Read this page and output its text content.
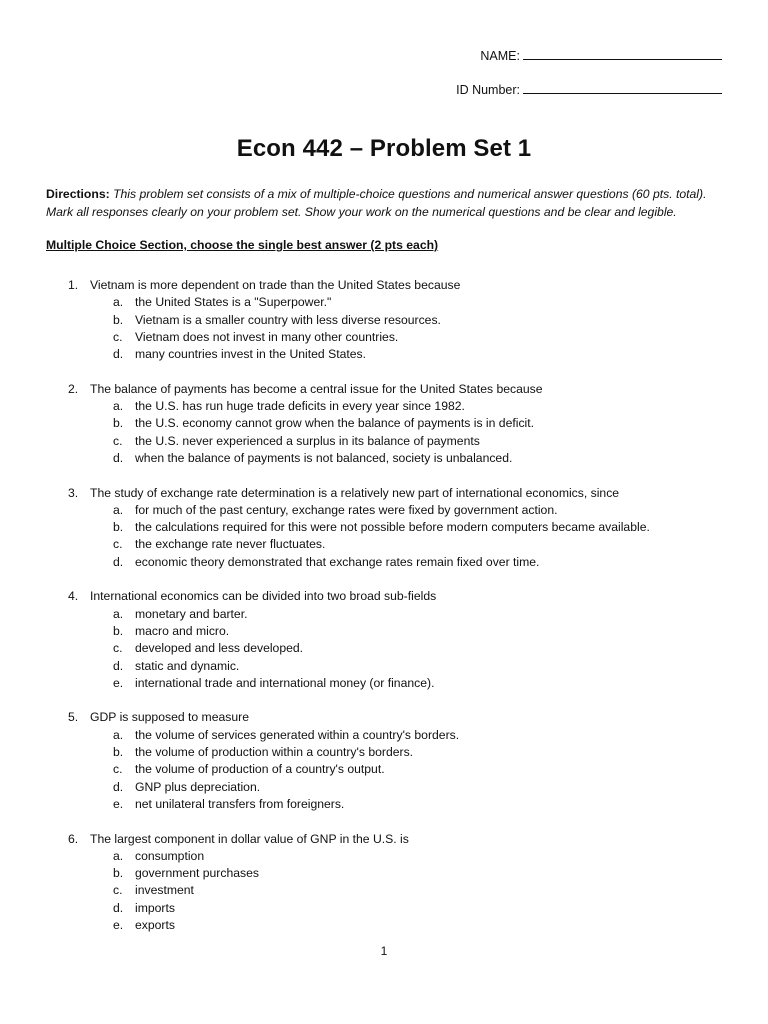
NAME:
ID Number:
Econ 442 – Problem Set 1
Directions: This problem set consists of a mix of multiple-choice questions and numerical answer questions (60 pts. total). Mark all responses clearly on your problem set. Show your work on the numerical questions and be clear and legible.
Multiple Choice Section, choose the single best answer (2 pts each)
1. Vietnam is more dependent on trade than the United States because
a. the United States is a "Superpower."
b. Vietnam is a smaller country with less diverse resources.
c. Vietnam does not invest in many other countries.
d. many countries invest in the United States.
2. The balance of payments has become a central issue for the United States because
a. the U.S. has run huge trade deficits in every year since 1982.
b. the U.S. economy cannot grow when the balance of payments is in deficit.
c. the U.S. never experienced a surplus in its balance of payments
d. when the balance of payments is not balanced, society is unbalanced.
3. The study of exchange rate determination is a relatively new part of international economics, since
a. for much of the past century, exchange rates were fixed by government action.
b. the calculations required for this were not possible before modern computers became available.
c. the exchange rate never fluctuates.
d. economic theory demonstrated that exchange rates remain fixed over time.
4. International economics can be divided into two broad sub-fields
a. monetary and barter.
b. macro and micro.
c. developed and less developed.
d. static and dynamic.
e. international trade and international money (or finance).
5. GDP is supposed to measure
a. the volume of services generated within a country's borders.
b. the volume of production within a country's borders.
c. the volume of production of a country's output.
d. GNP plus depreciation.
e. net unilateral transfers from foreigners.
6. The largest component in dollar value of GNP in the U.S. is
a. consumption
b. government purchases
c. investment
d. imports
e. exports
1
